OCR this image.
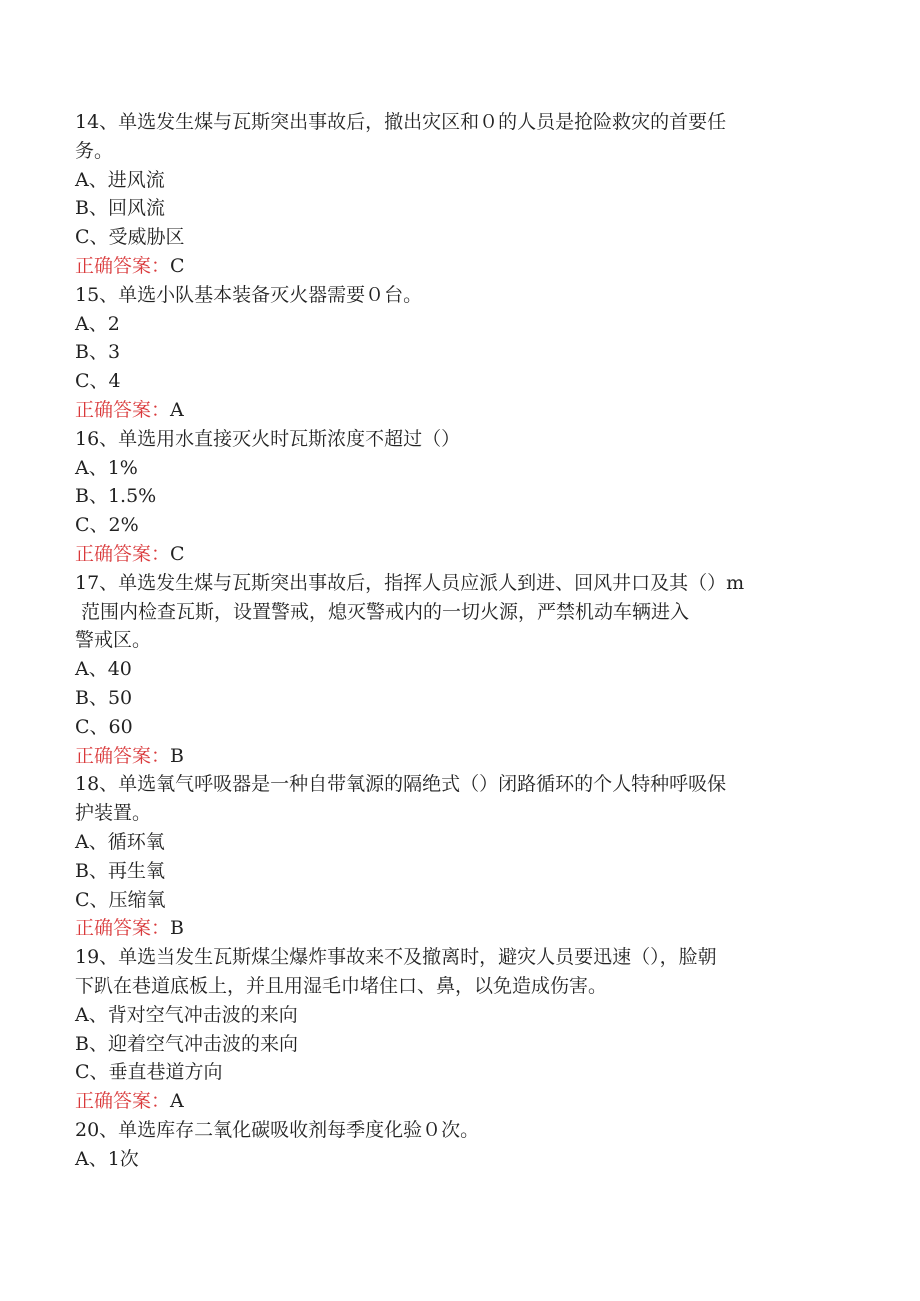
14、单选发生煤与瓦斯突出事故后，撤出灾区和０的人员是抢险救灾的首要任
务。
A、进风流
B、回风流
C、受威胁区
正确答案：C
15、单选小队基本装备灭火器需要０台。
A、2
B、3
C、4
正确答案：A
16、单选用水直接灭火时瓦斯浓度不超过（）
A、1%
B、1.5%
C、2%
正确答案：C
17、单选发生煤与瓦斯突出事故后，指挥人员应派人到进、回风井口及其（）m
范围内检查瓦斯，设置警戒，熄灭警戒内的一切火源，严禁机动车辆进入
警戒区。
A、40
B、50
C、60
正确答案：B
18、单选氧气呼吸器是一种自带氧源的隔绝式（）闭路循环的个人特种呼吸保
护装置。
A、循环氧
B、再生氧
C、压缩氧
正确答案：B
19、单选当发生瓦斯煤尘爆炸事故来不及撤离时，避灾人员要迅速（），脸朝
下趴在巷道底板上，并且用湿毛巾堵住口、鼻，以免造成伤害。
A、背对空气冲击波的来向
B、迎着空气冲击波的来向
C、垂直巷道方向
正确答案：A
20、单选库存二氧化碳吸收剂每季度化验０次。
A、1次
